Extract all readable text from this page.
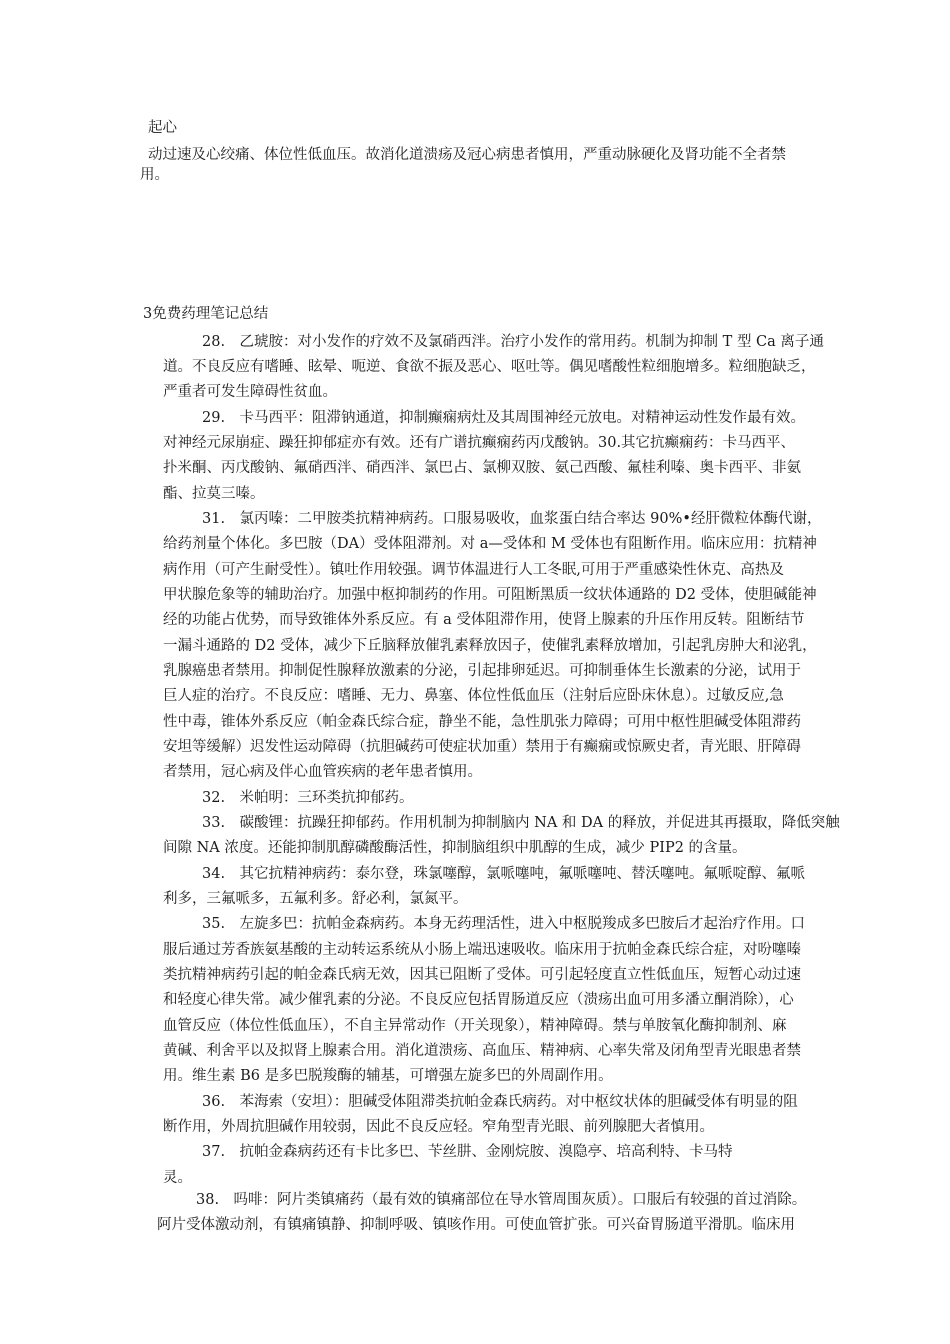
起心
动过速及心绞痛、体位性低血压。故消化道溃疡及冠心病患者慎用，严重动脉硬化及肾功能不全者禁
用。
3免费药理笔记总结
28.　乙琥胺：对小发作的疗效不及氯硝西泮。治疗小发作的常用药。机制为抑制 T 型 Ca 离子通
道。不良反应有嗜睡、眩晕、呃逆、食欲不振及恶心、呕吐等。偶见嗜酸性粒细胞增多。粒细胞缺乏，
严重者可发生障碍性贫血。
29.　卡马西平：阻滞钠通道，抑制癫痫病灶及其周围神经元放电。对精神运动性发作最有效。
对神经元尿崩症、躁狂抑郁症亦有效。还有广谱抗癫痫药丙戊酸钠。30.其它抗癫痫药：卡马西平、
扑米酮、丙戊酸钠、氟硝西泮、硝西泮、氯巴占、氯柳双胺、氨己西酸、氟桂利嗪、奥卡西平、非氨
酯、拉莫三嗪。
31.　氯丙嗪：二甲胺类抗精神病药。口服易吸收，血浆蛋白结合率达 90%•经肝微粒体酶代谢，
给药剂量个体化。多巴胺（DA）受体阻滞剂。对 a—受体和 M 受体也有阻断作用。临床应用：抗精神
病作用（可产生耐受性）。镇吐作用较强。调节体温进行人工冬眠,可用于严重感染性休克、高热及
甲状腺危象等的辅助治疗。加强中枢抑制药的作用。可阻断黑质一纹状体通路的 D2 受体，使胆碱能神
经的功能占优势，而导致锥体外系反应。有 a 受体阻滞作用，使肾上腺素的升压作用反转。阻断结节
一漏斗通路的 D2 受体，减少下丘脑释放催乳素释放因子，使催乳素释放增加，引起乳房肿大和泌乳，
乳腺癌患者禁用。抑制促性腺释放激素的分泌，引起排卵延迟。可抑制垂体生长激素的分泌，试用于
巨人症的治疗。不良反应：嗜睡、无力、鼻塞、体位性低血压（注射后应卧床休息）。过敏反应,急
性中毒，锥体外系反应（帕金森氏综合症，静坐不能，急性肌张力障碍；可用中枢性胆碱受体阻滞药
安坦等缓解）迟发性运动障碍（抗胆碱药可使症状加重）禁用于有癫痫或惊厥史者，青光眼、肝障碍
者禁用，冠心病及伴心血管疾病的老年患者慎用。
32.　米帕明：三环类抗抑郁药。
33.　碳酸锂：抗躁狂抑郁药。作用机制为抑制脑内 NA 和 DA 的释放，并促进其再摄取，降低突触
间隙 NA 浓度。还能抑制肌醇磷酸酶活性，抑制脑组织中肌醇的生成，减少 PIP2 的含量。
34.　其它抗精神病药：泰尔登，珠氯噻醇，氯哌噻吨，氟哌噻吨、替沃噻吨。氟哌啶醇、氟哌
利多，三氟哌多，五氟利多。舒必利，氯氮平。
35.　左旋多巴：抗帕金森病药。本身无药理活性，进入中枢脱羧成多巴胺后才起治疗作用。口
服后通过芳香族氨基酸的主动转运系统从小肠上端迅速吸收。临床用于抗帕金森氏综合症，对吩噻嗪
类抗精神病药引起的帕金森氏病无效，因其已阻断了受体。可引起轻度直立性低血压，短暂心动过速
和轻度心律失常。减少催乳素的分泌。不良反应包括胃肠道反应（溃疡出血可用多潘立酮消除），心
血管反应（体位性低血压），不自主异常动作（开关现象），精神障碍。禁与单胺氧化酶抑制剂、麻
黄碱、利舍平以及拟肾上腺素合用。消化道溃疡、高血压、精神病、心率失常及闭角型青光眼患者禁
用。维生素 B6 是多巴脱羧酶的辅基，可增强左旋多巴的外周副作用。
36.　苯海索（安坦）：胆碱受体阻滞类抗帕金森氏病药。对中枢纹状体的胆碱受体有明显的阻
断作用，外周抗胆碱作用较弱，因此不良反应轻。窄角型青光眼、前列腺肥大者慎用。
37.　抗帕金森病药还有卡比多巴、苄丝肼、金刚烷胺、溴隐亭、培高利特、卡马特
灵。
38.　吗啡：阿片类镇痛药（最有效的镇痛部位在导水管周围灰质）。口服后有较强的首过消除。
阿片受体激动剂，有镇痛镇静、抑制呼吸、镇咳作用。可使血管扩张。可兴奋胃肠道平滑肌。临床用
